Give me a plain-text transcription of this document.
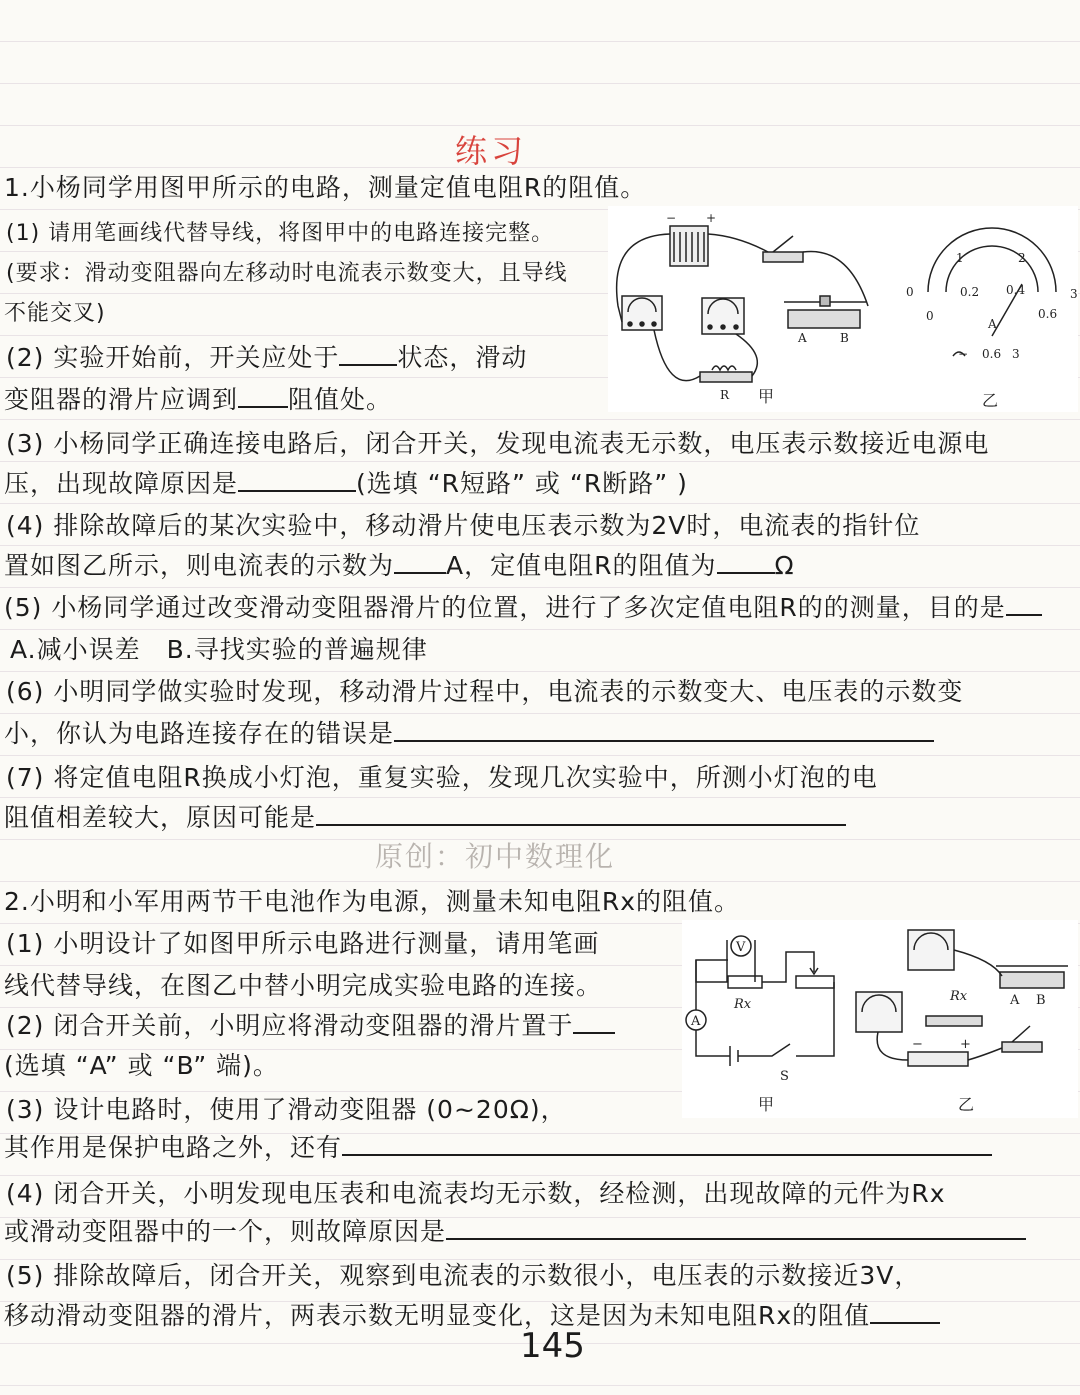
练习
1.小杨同学用图甲所示的电路，测量定值电阻R的阻值。
(1) 请用笔画线代替导线，将图甲中的电路连接完整。
(要求：滑动变阻器向左移动时电流表示数变大，且导线
不能交叉)
(2) 实验开始前，开关应处于 状态，滑动
变阻器的滑片应调到 阻值处。
(3) 小杨同学正确连接电路后，闭合开关，发现电流表无示数，电压表示数接近电源电
压，出现故障原因是	(选填 “R短路” 或 “R断路” )
(4) 排除故障后的某次实验中，移动滑片使电压表示数为2V时，电流表的指针位
置如图乙所示，则电流表的示数为 A，定值电阻R的阻值为 Ω
(5) 小杨同学通过改变滑动变阻器滑片的位置，进行了多次定值电阻R的的测量，目的是
A.减小误差　B.寻找实验的普遍规律
(6) 小明同学做实验时发现，移动滑片过程中，电流表的示数变大、电压表的示数变
小，你认为电路连接存在的错误是
(7) 将定值电阻R换成小灯泡，重复实验，发现几次实验中，所测小灯泡的电
阻值相差较大，原因可能是
− +
A	B
R
0
1	2
3
0
0.2 0.4
0.6
A
− 0.6 3
甲	乙
原创：初中数理化
2.小明和小军用两节干电池作为电源，测量未知电阻Rx的阻值。
(1) 小明设计了如图甲所示电路进行测量，请用笔画
线代替导线，在图乙中替小明完成实验电路的连接。
(2) 闭合开关前，小明应将滑动变阻器的滑片置于
(选填 “A” 或 “B” 端)。
(3) 设计电路时，使用了滑动变阻器 (0~20Ω)，
其作用是保护电路之外，还有
(4) 闭合开关，小明发现电压表和电流表均无示数，经检测，出现故障的元件为Rx
或滑动变阻器中的一个，则故障原因是
(5) 排除故障后，闭合开关，观察到电流表的示数很小，电压表的示数接近3V，
移动滑动变阻器的滑片，两表示数无明显变化，这是因为未知电阻Rx的阻值
V
A
Rx
S
Rx	A B
−	+
甲	乙
145
